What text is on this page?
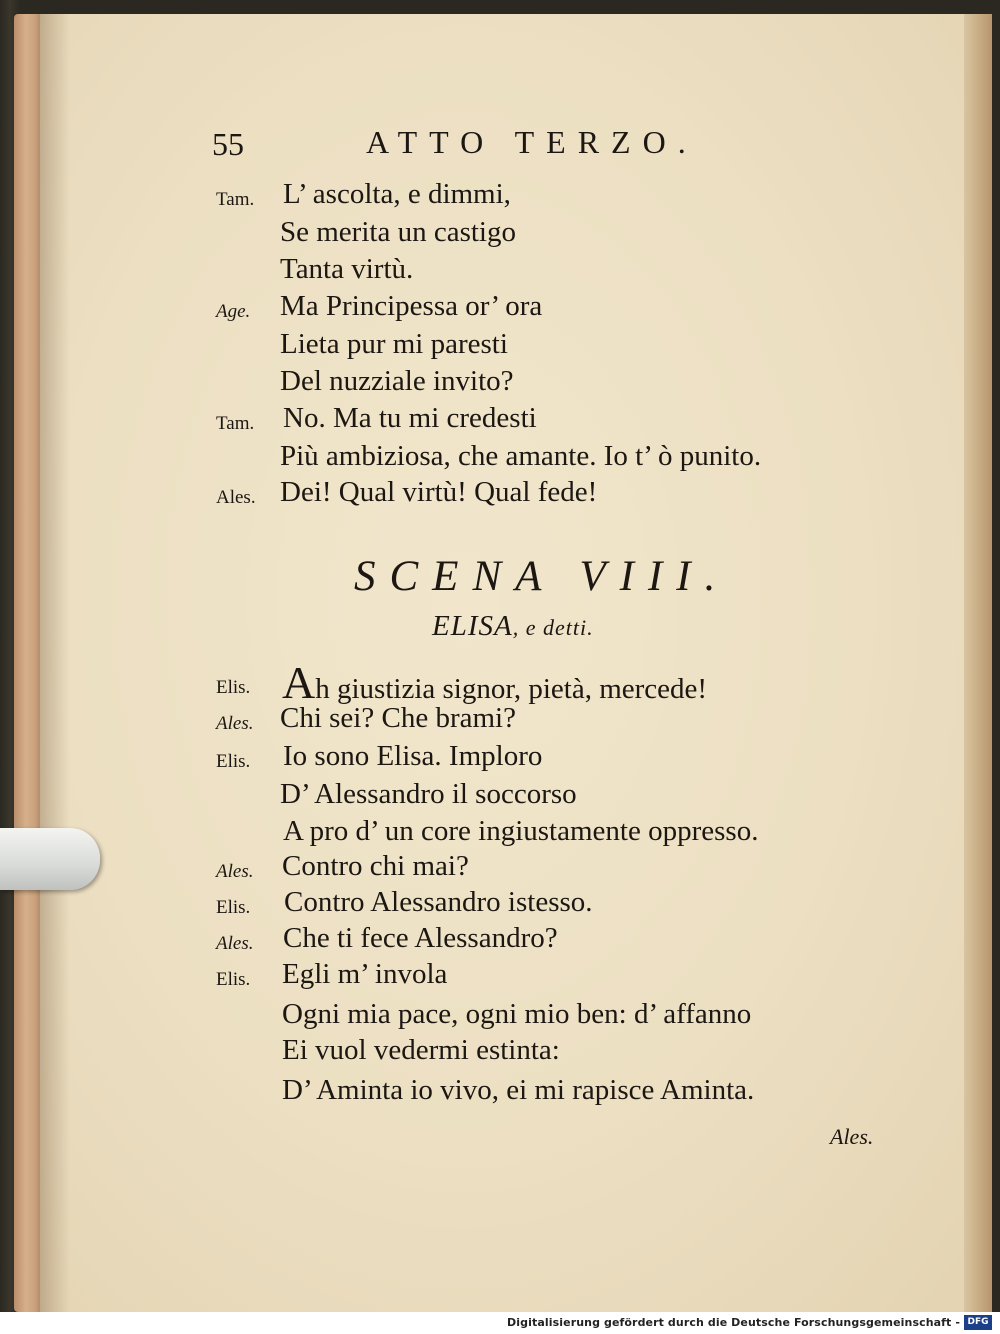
55	ATTO TERZO.
Tam. L’ ascolta, e dimmi,
Se merita un castigo
Tanta virtù.
Age. Ma Principessa or’ ora
Lieta pur mi paresti
Del nuzziale invito?
Tam. No. Ma tu mi credesti
Più ambiziosa, che amante. Io t’ ò punito.
Ales. Dei! Qual virtù! Qual fede!
SCENA VIII.
ELISA, e detti.
Elis. Ah giustizia signor, pietà, mercede!
Ales. Chi sei? Che brami?
Elis. Io sono Elisa. Imploro
D’ Alessandro il soccorso
A pro d’ un core ingiustamente oppresso.
Ales. Contro chi mai?
Elis. Contro Alessandro istesso.
Ales. Che ti fece Alessandro?
Elis. Egli m’ invola
Ogni mia pace, ogni mio ben: d’ affanno
Ei vuol vedermi estinta:
D’ Aminta io vivo, ei mi rapisce Aminta.
Ales.
Digitalisierung gefördert durch die Deutsche Forschungsgemeinschaft - DFG
